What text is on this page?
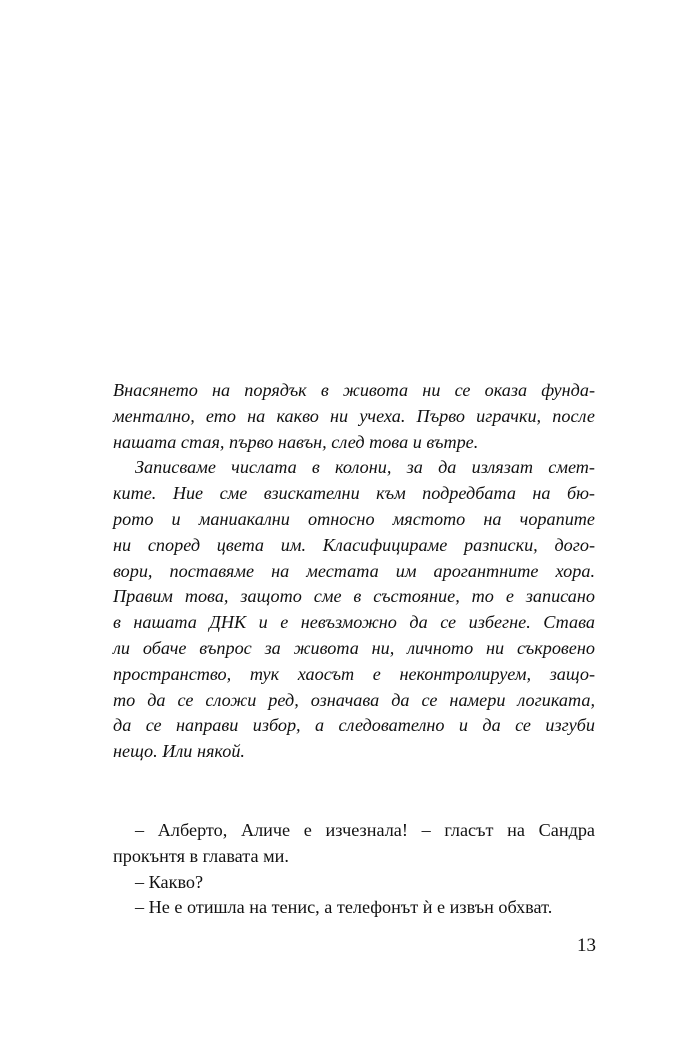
Внасянето на порядък в живота ни се оказа фунда-
ментално, ето на какво ни учеха. Първо играчки, после
нашата стая, първо навън, след това и вътре.
Записваме числата в колони, за да излязат смет-
ките. Ние сме взискателни към подредбата на бю-
рото и маниакални относно мястото на чорапите
ни според цвета им. Класифицираме разписки, дого-
вори, поставяме на местата им арогантните хора.
Правим това, защото сме в състояние, то е записано
в нашата ДНК и е невъзможно да се избегне. Става
ли обаче въпрос за живота ни, личното ни съкровено
пространство, тук хаосът е неконтролируем, защо-
то да се сложи ред, означава да се намери логиката,
да се направи избор, а следователно и да се изгуби
нещо. Или някой.
– Алберто, Аличе е изчезнала! – гласът на Сандра
прокънтя в главата ми.
– Какво?
– Не е отишла на тенис, а телефонът ѝ е извън обхват.
13
